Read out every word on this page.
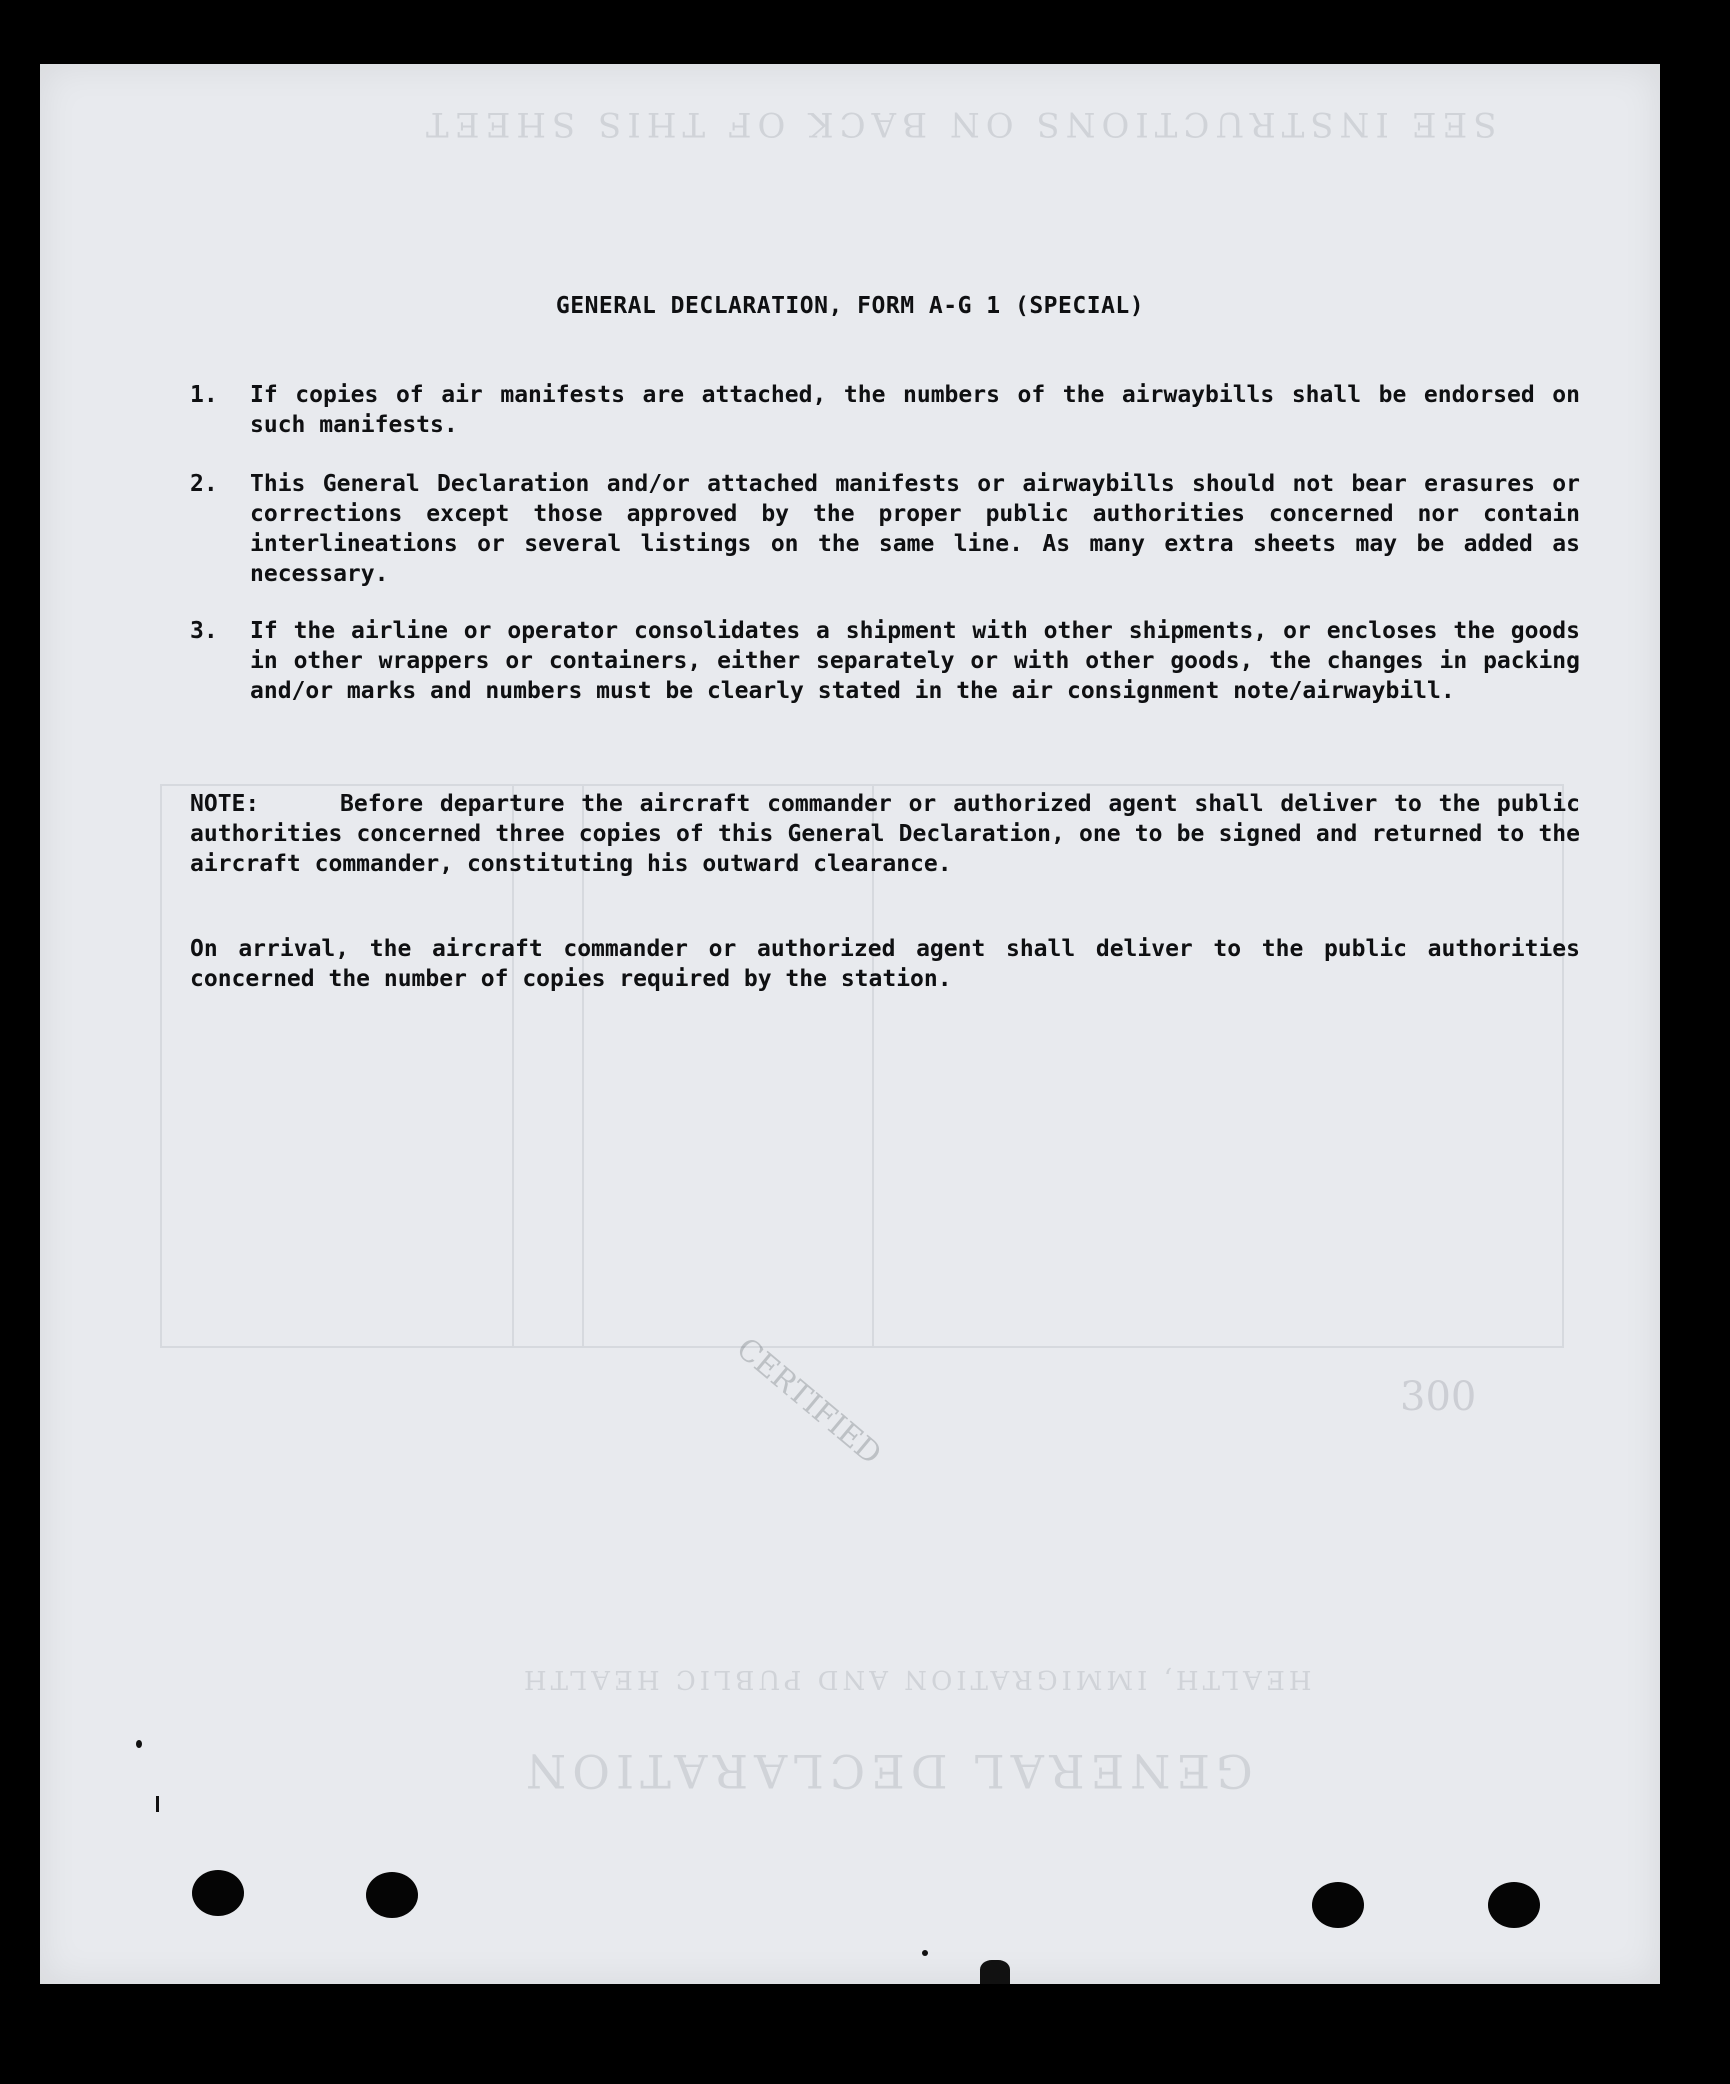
SEE INSTRUCTIONS ON BACK OF THIS SHEET
HEALTH, IMMIGRATION AND PUBLIC HEALTH
GENERAL DECLARATION
CERTIFIED	300
GENERAL DECLARATION, FORM A-G 1 (SPECIAL)
1.	If copies of air manifests are attached, the numbers of the airwaybills shall be endorsed on such manifests.
2.	This General Declaration and/or attached manifests or airwaybills should not bear erasures or corrections except those approved by the proper public authorities concerned nor contain interlineations or several listings on the same line. As many extra sheets may be added as necessary.
3.	If the airline or operator consolidates a shipment with other shipments, or encloses the goods in other wrappers or containers, either separately or with other goods, the changes in packing and/or marks and numbers must be clearly stated in the air consignment note/airwaybill.
NOTE:	Before departure the aircraft commander or authorized agent shall deliver to the public authorities concerned three copies of this General Declaration, one to be signed and returned to the aircraft commander, constituting his outward clearance.
On arrival, the aircraft commander or authorized agent shall deliver to the public authorities concerned the number of copies required by the station.
